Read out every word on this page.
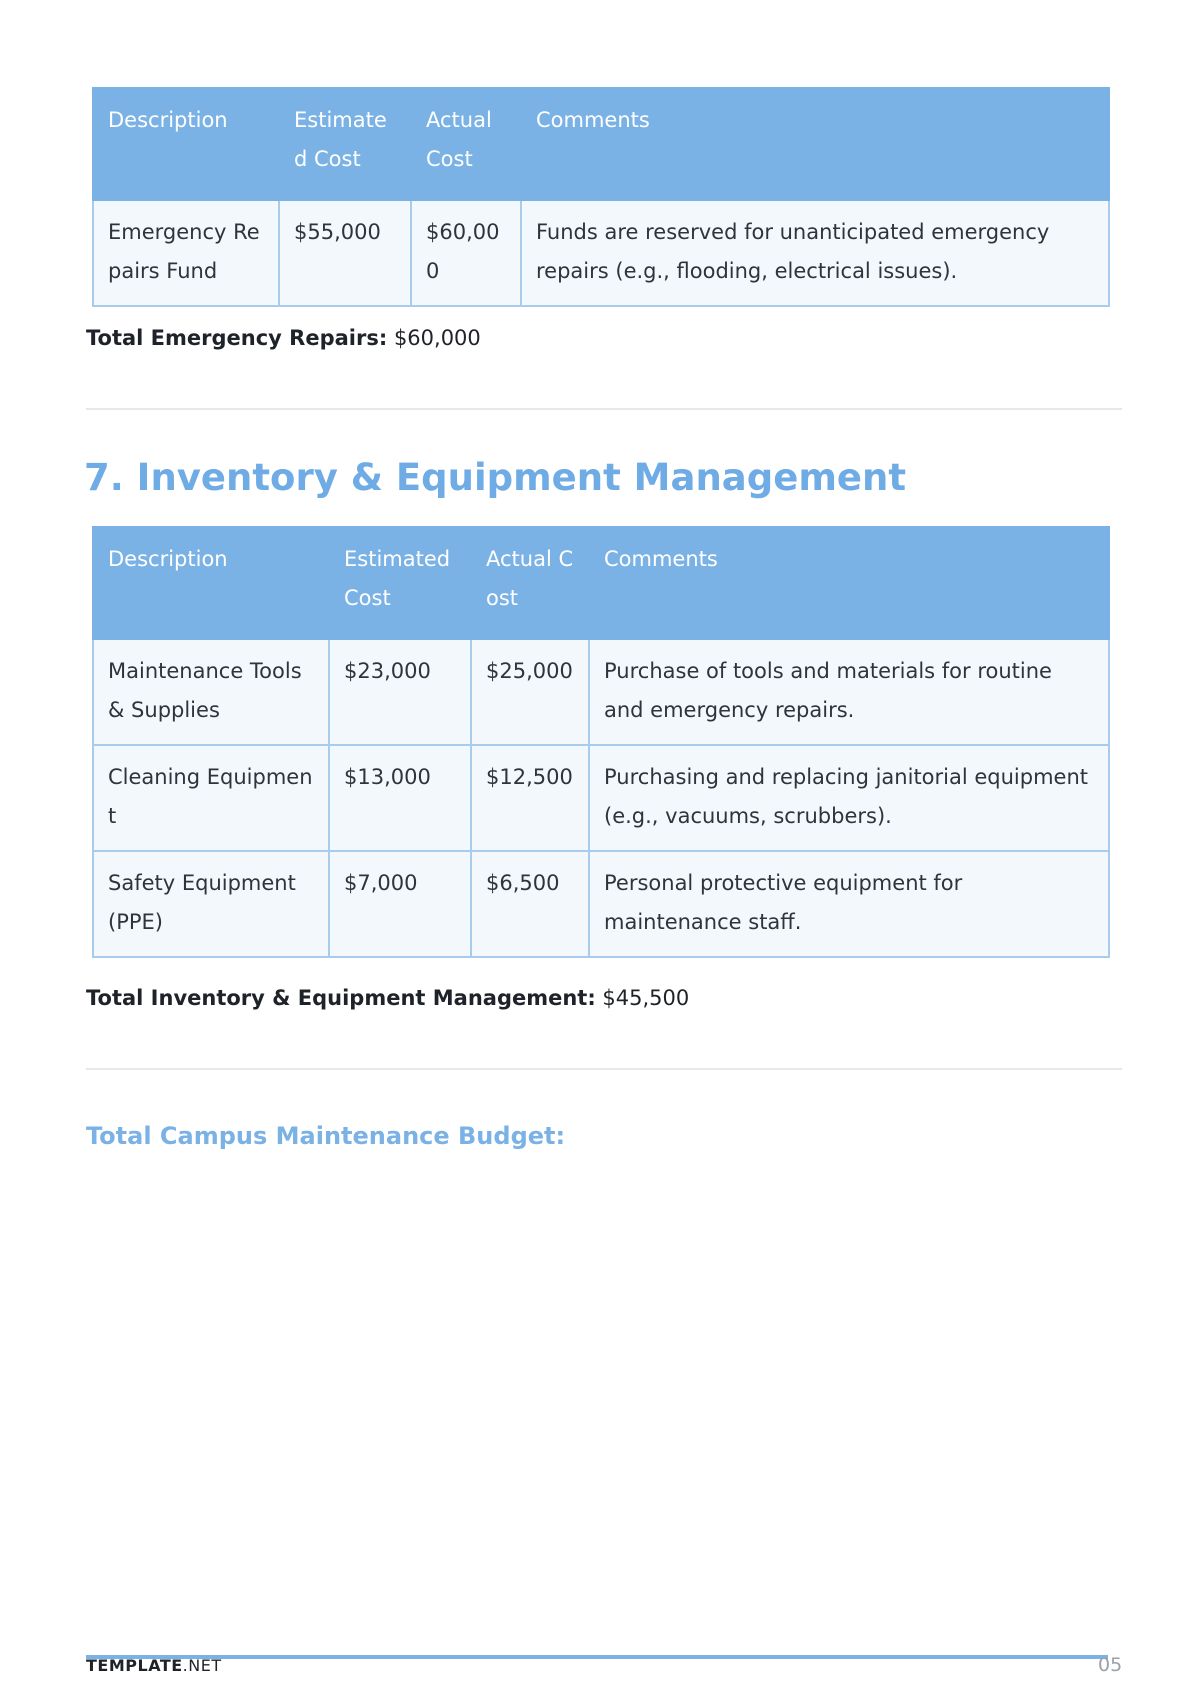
Description	Estimated Cost	Actual Cost	Comments
Emergency Repairs Fund	$55,000	$60,000	Funds are reserved for unanticipated emergency repairs (e.g., flooding, electrical issues).

Total Emergency Repairs: $60,000

7. Inventory & Equipment Management
Description	Estimated Cost	Actual Cost	Comments
Maintenance Tools & Supplies	$23,000	$25,000	Purchase of tools and materials for routine and emergency repairs.
Cleaning Equipment	$13,000	$12,500	Purchasing and replacing janitorial equipment (e.g., vacuums, scrubbers).
Safety Equipment (PPE)	$7,000	$6,500	Personal protective equipment for maintenance staff.

Total Inventory & Equipment Management: $45,500

Total Campus Maintenance Budget:
TEMPLATE.NET	05
